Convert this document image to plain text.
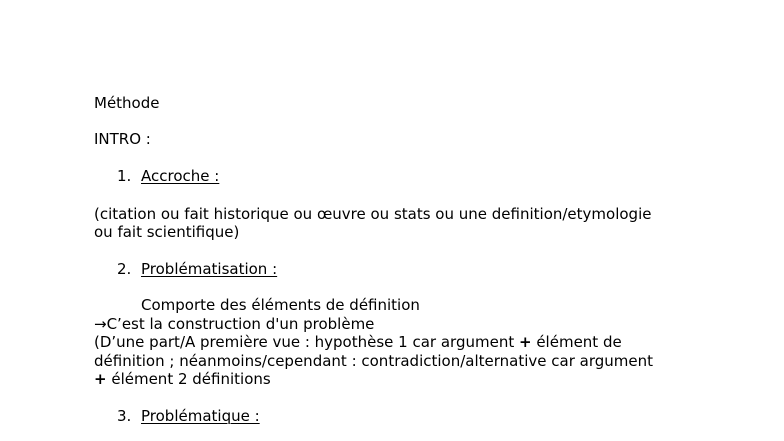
Méthode
INTRO :
1. Accroche :
(citation ou fait historique ou œuvre ou stats ou une definition/etymologie
ou fait scientifique)
2. Problématisation :
Comporte des éléments de définition
→C’est la construction d'un problème
(D’une part/A première vue : hypothèse 1 car argument + élément de
définition ; néanmoins/cependant : contradiction/alternative car argument
+ élément 2 définitions
3. Problématique :
